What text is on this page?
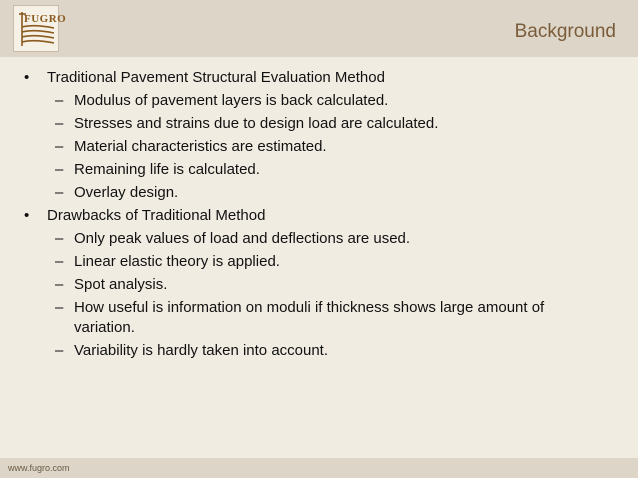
FUGRO
Background
• Traditional Pavement Structural Evaluation Method
– Modulus of pavement layers is back calculated.
– Stresses and strains due to design load are calculated.
– Material characteristics are estimated.
– Remaining life is calculated.
– Overlay design.
• Drawbacks of Traditional Method
– Only peak values of load and deflections are used.
– Linear elastic theory is applied.
– Spot analysis.
– How useful is information on moduli if thickness shows large amount of variation.
– Variability is hardly taken into account.
www.fugro.com
